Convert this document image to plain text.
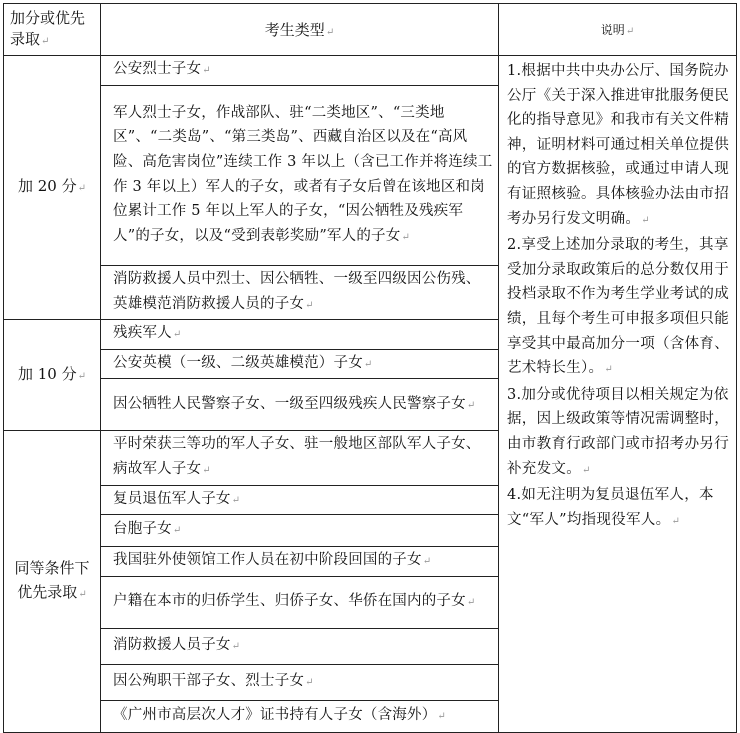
加分或优先录取↵	考生类型↵	说明↵
加 20 分↵	公安烈士子女↵	1.根据中共中央办公厅、国务院办公厅《关于深入推进审批服务便民化的指导意见》和我市有关文件精神，证明材料可通过相关单位提供的官方数据核验，或通过申请人现有证照核验。具体核验办法由市招考办另行发文明确。↵

2.享受上述加分录取的考生，其享受加分录取政策后的总分数仅用于投档录取不作为考生学业考试的成绩，且每个考生可申报多项但只能享受其中最高加分一项（含体育、艺术特长生）。↵

3.加分或优待项目以相关规定为依据，因上级政策等情况需调整时，由市教育行政部门或市招考办另行补充发文。↵

4.如无注明为复员退伍军人，本文“军人”均指现役军人。↵

	军人烈士子女，作战部队、驻“二类地区”、“三类地区”、“二类岛”、“第三类岛”、西藏自治区以及在“高风险、高危害岗位”连续工作 3 年以上（含已工作并将连续工作 3 年以上）军人的子女，或者有子女后曾在该地区和岗位累计工作 5 年以上军人的子女，“因公牺牲及残疾军人”的子女，以及“受到表彰奖励”军人的子女↵	
	消防救援人员中烈士、因公牺牲、一级至四级因公伤残、英雄模范消防救援人员的子女↵	
加 10 分↵	残疾军人↵	
	公安英模（一级、二级英雄模范）子女↵	
	因公牺牲人民警察子女、一级至四级残疾人民警察子女↵	
同等条件下优先录取↵	平时荣获三等功的军人子女、驻一般地区部队军人子女、病故军人子女↵	
	复员退伍军人子女↵	
	台胞子女↵	
	我国驻外使领馆工作人员在初中阶段回国的子女↵	
	户籍在本市的归侨学生、归侨子女、华侨在国内的子女↵	
	消防救援人员子女↵	
	因公殉职干部子女、烈士子女↵	
	《广州市高层次人才》证书持有人子女（含海外）↵	
